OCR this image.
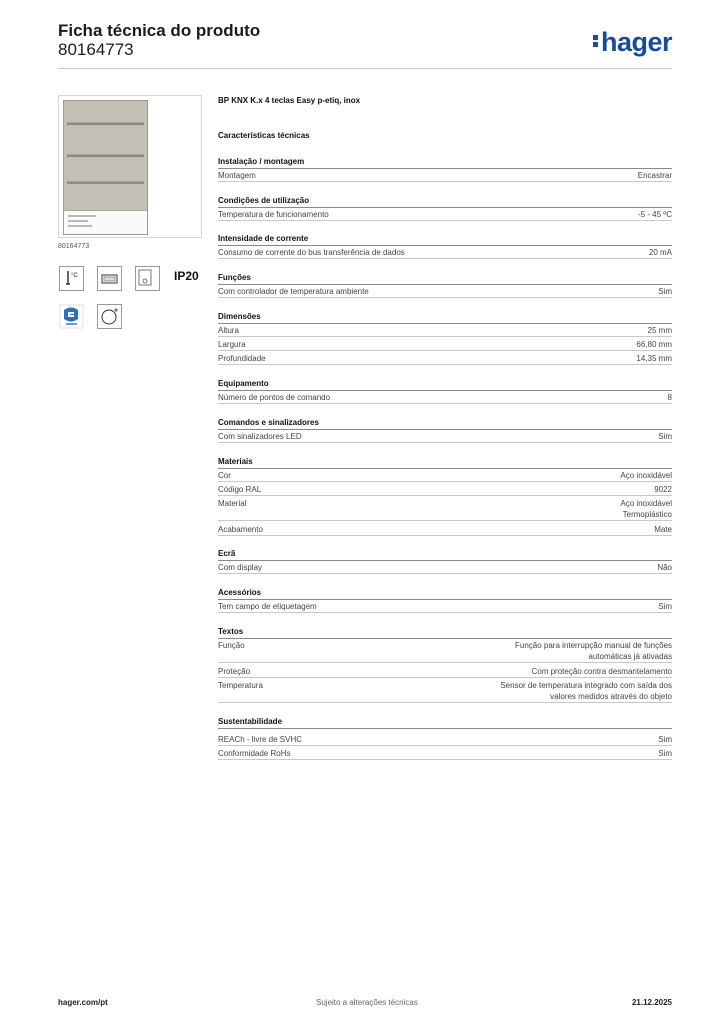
Ficha técnica do produto
80164773	hager
80164773
°C	IP20
BP KNX K.x 4 teclas Easy p-etiq, inox
Características técnicas
Instalação / montagem
Montagem	Encastrar
Condições de utilização
Temperatura de funcionamento	-5 - 45 ºC
Intensidade de corrente
Consumo de corrente do bus transferência de dados	20 mA
Funções
Com controlador de temperatura ambiente	Sim
Dimensões
Altura	25 mm
Largura	66,80 mm
Profundidade	14,35 mm
Equipamento
Número de pontos de comando	8
Comandos e sinalizadores
Com sinalizadores LED	Sim
Materiais
Cor	Aço inoxidável
Código RAL	9022
Material	Aço inoxidável
Termoplástico
Acabamento	Mate
Ecrã
Com display	Não
Acessórios
Tem campo de etiquetagem	Sim
Textos
Função	Função para interrupção manual de funções
automáticas já ativadas
Proteção	Com proteção contra desmantelamento
Temperatura	Sensor de temperatura integrado com saída dos
valores medidos através do objeto
Sustentabilidade
REACh - livre de SVHC	Sim
Conformidade RoHs	Sim
hager.com/pt	Sujeito a alterações técnicas	21.12.2025
